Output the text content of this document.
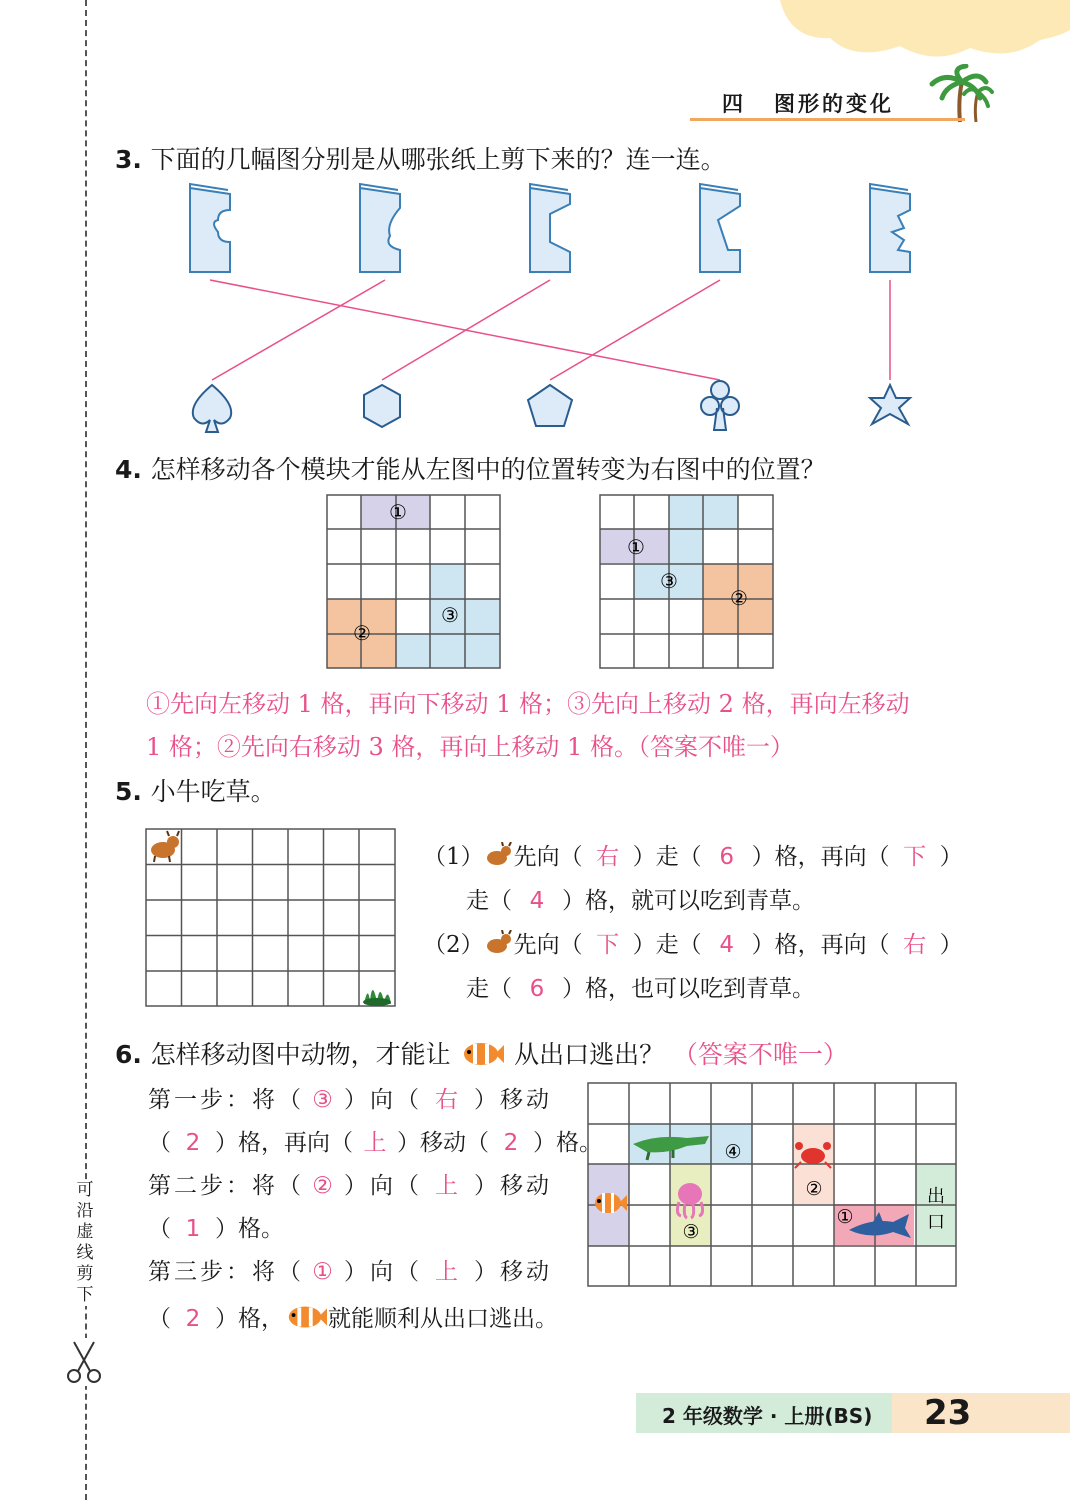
四 图形的变化
可
沿
虚
线
剪
下
3. 下面的几幅图分别是从哪张纸上剪下来的？连一连。
4. 怎样移动各个模块才能从左图中的位置转变为右图中的位置？
①
②
③
①
③
②
①先向左移动 1 格，再向下移动 1 格；③先向上移动 2 格，再向左移动
1 格；②先向右移动 3 格，再向上移动 1 格。（答案不唯一）
5. 小牛吃草。
（1） 先向（ 右 ）走（ 6 ）格，再向（ 下 ）
走（ 4 ）格，就可以吃到青草。
（2） 先向（ 下 ）走（ 4 ）格，再向（ 右 ）
走（ 6 ）格，也可以吃到青草。
6. 怎样移动图中动物，才能让	从出口逃出？ （答案不唯一）
第一步：将（ ③ ）向（ 右 ）移动
（ 2 ）格，再向（ 上 ）移动（ 2 ）格。
第二步：将（ ② ）向（ 上 ）移动
（ 1 ）格。
第三步：将（ ① ）向（ 上 ）移动
（ 2 ）格， 就能顺利从出口逃出。
④
②
③
①
出
口
2 年级数学 · 上册(BS) 23
